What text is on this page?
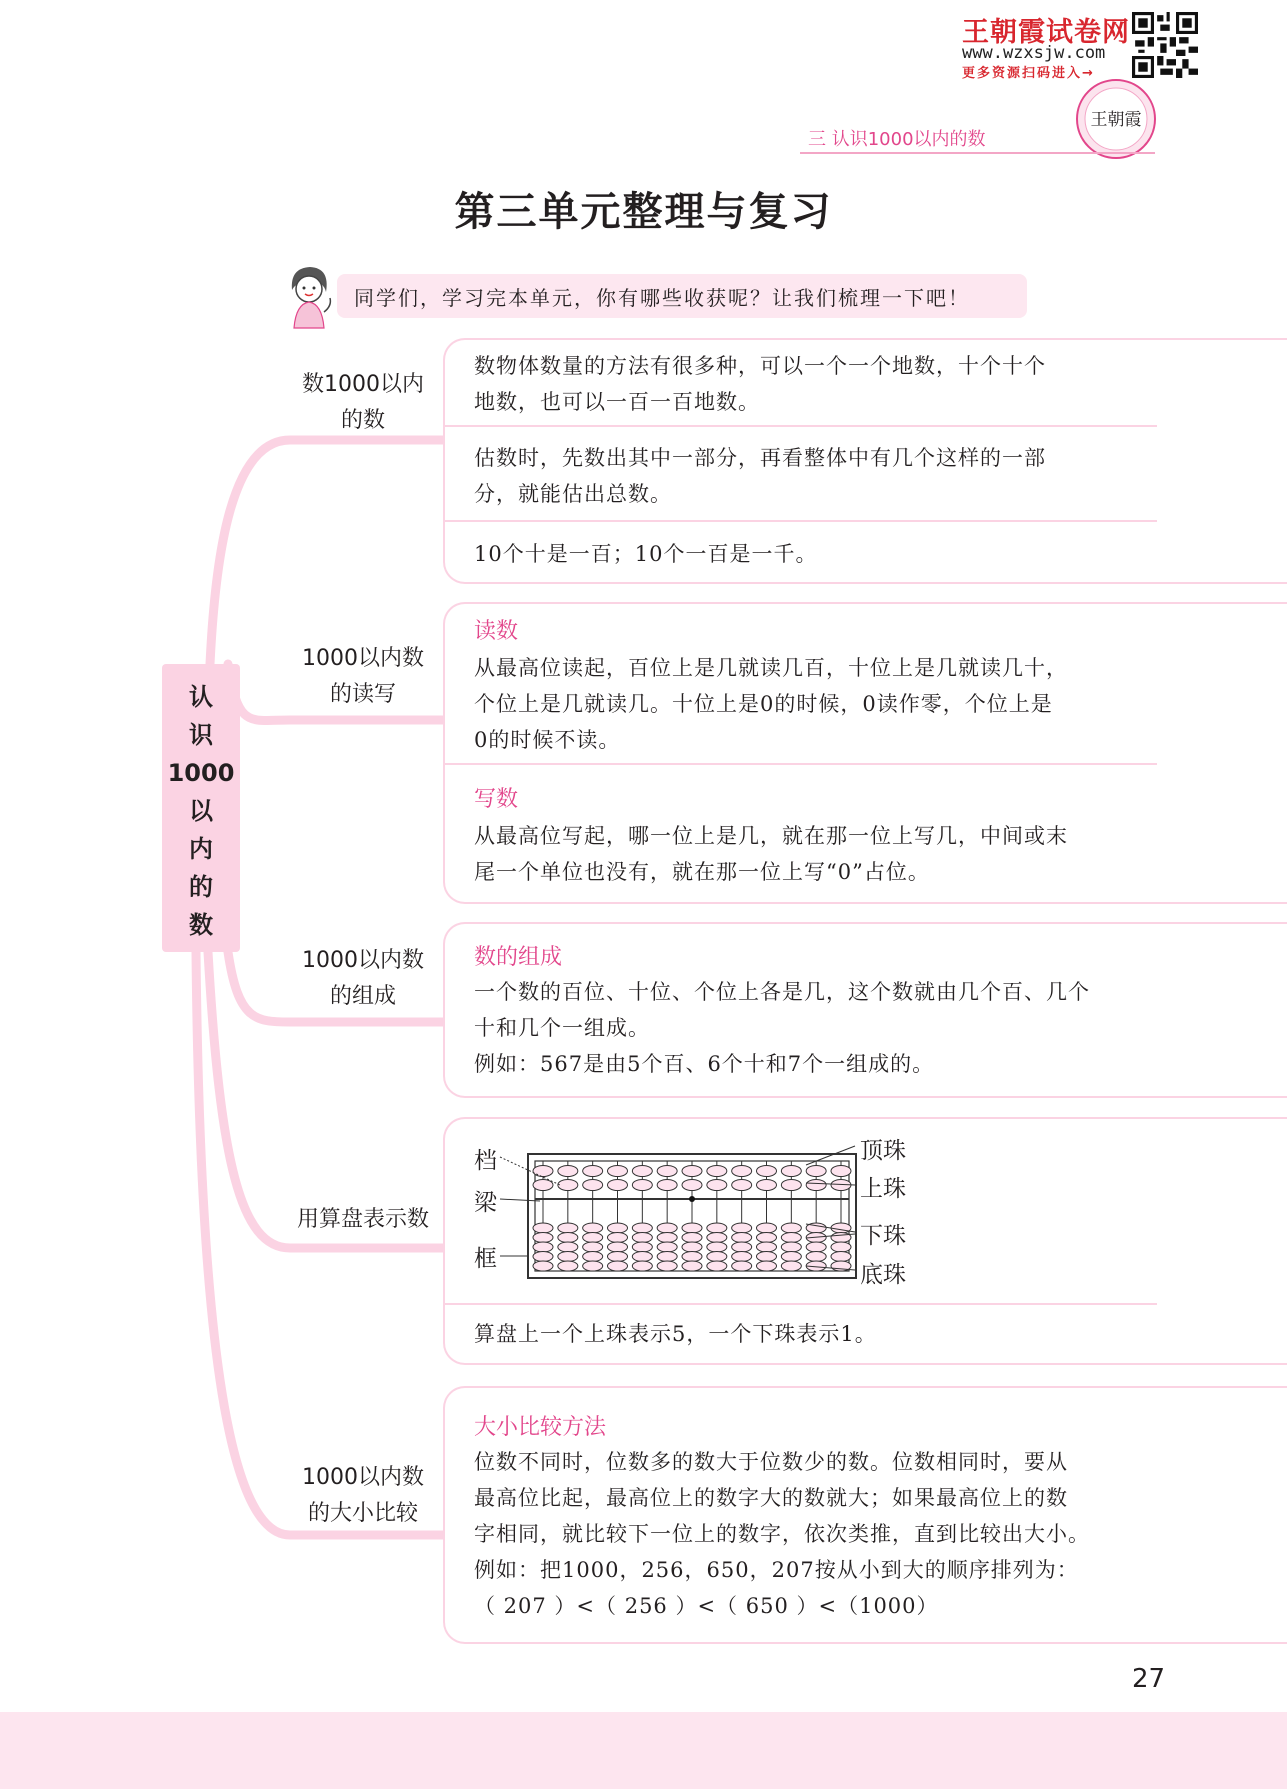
王朝霞试卷网
www.wzxsjw.com
更多资源扫码进入→
王朝霞
三 认识1000以内的数
第三单元整理与复习
同学们，学习完本单元，你有哪些收获呢？让我们梳理一下吧！
认
识
1000
以
内
的
数
数1000以内
的数
1000以内数
的读写
1000以内数
的组成
用算盘表示数
1000以内数
的大小比较

数物体数量的方法有很多种，可以一个一个地数，十个十个

地数，也可以一百一百地数。

估数时，先数出其中一部分，再看整体中有几个这样的一部

分，就能估出总数。

10个十是一百；10个一百是一千。

读数

从最高位读起，百位上是几就读几百，十位上是几就读几十，

个位上是几就读几。十位上是0的时候，0读作零，个位上是

0的时候不读。

写数

从最高位写起，哪一位上是几，就在那一位上写几，中间或末

尾一个单位也没有，就在那一位上写“0”占位。

数的组成

一个数的百位、十位、个位上各是几，这个数就由几个百、几个

十和几个一组成。

例如：567是由5个百、6个十和7个一组成的。

档
梁
框
顶珠
上珠
下珠
底珠

算盘上一个上珠表示5，一个下珠表示1。

大小比较方法

位数不同时，位数多的数大于位数少的数。位数相同时，要从

最高位比起，最高位上的数字大的数就大；如果最高位上的数

字相同，就比较下一位上的数字，依次类推，直到比较出大小。

例如：把1000，256，650，207按从小到大的顺序排列为：

（ 207 ）<（ 256 ）<（ 650 ）<（1000）

27
